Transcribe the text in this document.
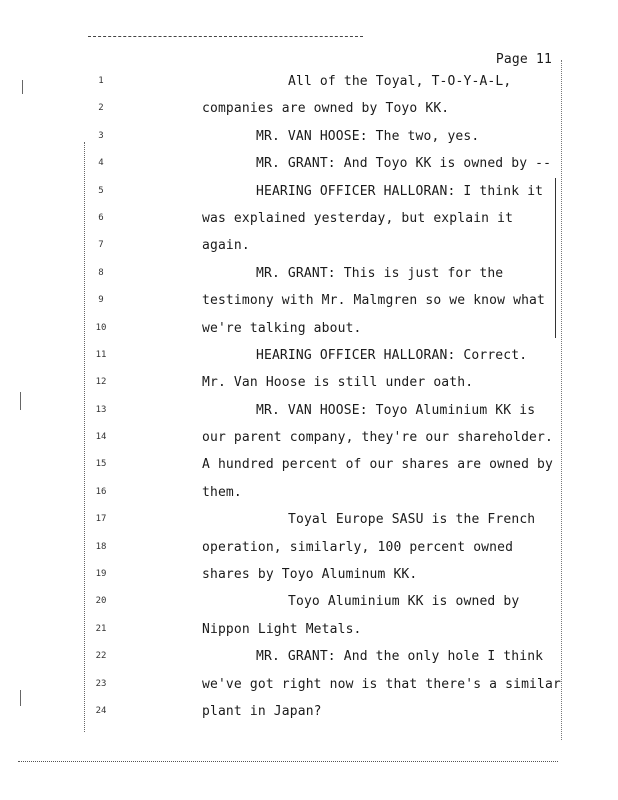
Page 11
1	All of the Toyal, T-O-Y-A-L,
2	companies are owned by Toyo KK.
3	MR. VAN HOOSE: The two, yes.
4	MR. GRANT: And Toyo KK is owned by --
5	HEARING OFFICER HALLORAN: I think it
6	was explained yesterday, but explain it
7	again.
8	MR. GRANT: This is just for the
9	testimony with Mr. Malmgren so we know what
10	we're talking about.
11	HEARING OFFICER HALLORAN: Correct.
12	Mr. Van Hoose is still under oath.
13	MR. VAN HOOSE: Toyo Aluminium KK is
14	our parent company, they're our shareholder.
15	A hundred percent of our shares are owned by
16	them.
17	Toyal Europe SASU is the French
18	operation, similarly, 100 percent owned
19	shares by Toyo Aluminum KK.
20	Toyo Aluminium KK is owned by
21	Nippon Light Metals.
22	MR. GRANT: And the only hole I think
23	we've got right now is that there's a similar
24	plant in Japan?
